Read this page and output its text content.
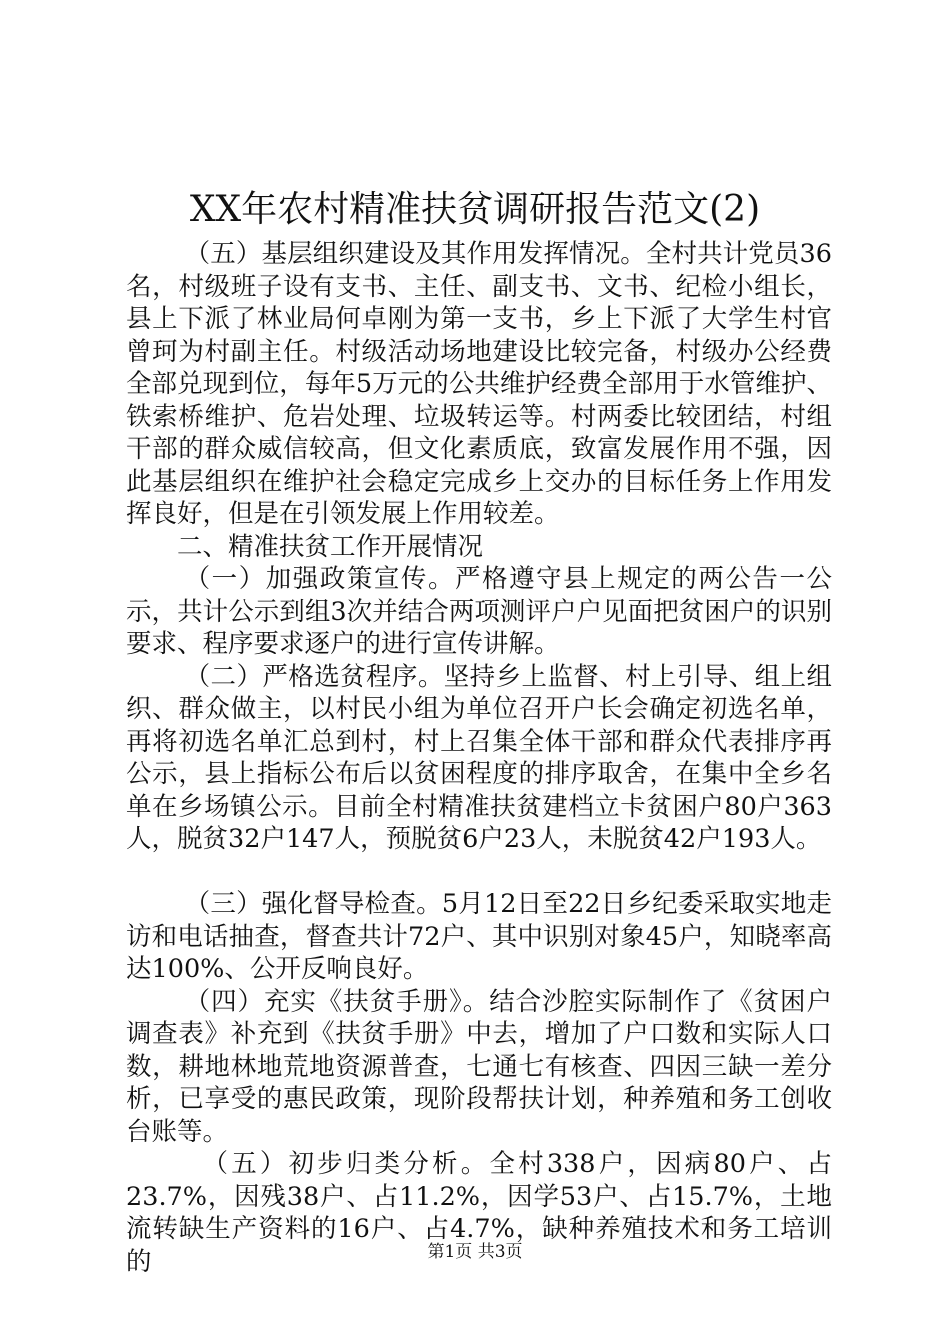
XX年农村精准扶贫调研报告范文(2)

（五）基层组织建设及其作用发挥情况。全村共计党员36名，村级班子设有支书、主任、副支书、文书、纪检小组长，县上下派了林业局何卓刚为第一支书，乡上下派了大学生村官曾珂为村副主任。村级活动场地建设比较完备，村级办公经费全部兑现到位，每年5万元的公共维护经费全部用于水管维护、铁索桥维护、危岩处理、垃圾转运等。村两委比较团结，村组干部的群众威信较高，但文化素质底，致富发展作用不强，因此基层组织在维护社会稳定完成乡上交办的目标任务上作用发挥良好，但是在引领发展上作用较差。

二、精准扶贫工作开展情况

（一）加强政策宣传。严格遵守县上规定的两公告一公示，共计公示到组3次并结合两项测评户户见面把贫困户的识别要求、程序要求逐户的进行宣传讲解。

（二）严格选贫程序。坚持乡上监督、村上引导、组上组织、群众做主，以村民小组为单位召开户长会确定初选名单，再将初选名单汇总到村，村上召集全体干部和群众代表排序再公示，县上指标公布后以贫困程度的排序取舍，在集中全乡名单在乡场镇公示。目前全村精准扶贫建档立卡贫困户80户363人，脱贫32户147人，预脱贫6户23人，未脱贫42户193人。

（三）强化督导检查。5月12日至22日乡纪委采取实地走访和电话抽查，督查共计72户、其中识别对象45户，知晓率高达100%、公开反响良好。

（四）充实《扶贫手册》。结合沙腔实际制作了《贫困户调查表》补充到《扶贫手册》中去，增加了户口数和实际人口数，耕地林地荒地资源普查，七通七有核查、四因三缺一差分析，已享受的惠民政策，现阶段帮扶计划，种养殖和务工创收台账等。

（五）初步归类分析。全村338户，因病80户、占23.7%，因残38户、占11.2%，因学53户、占15.7%，土地流转缺生产资料的16户、占4.7%，缺种养殖技术和务工培训的	第1页 共3页
